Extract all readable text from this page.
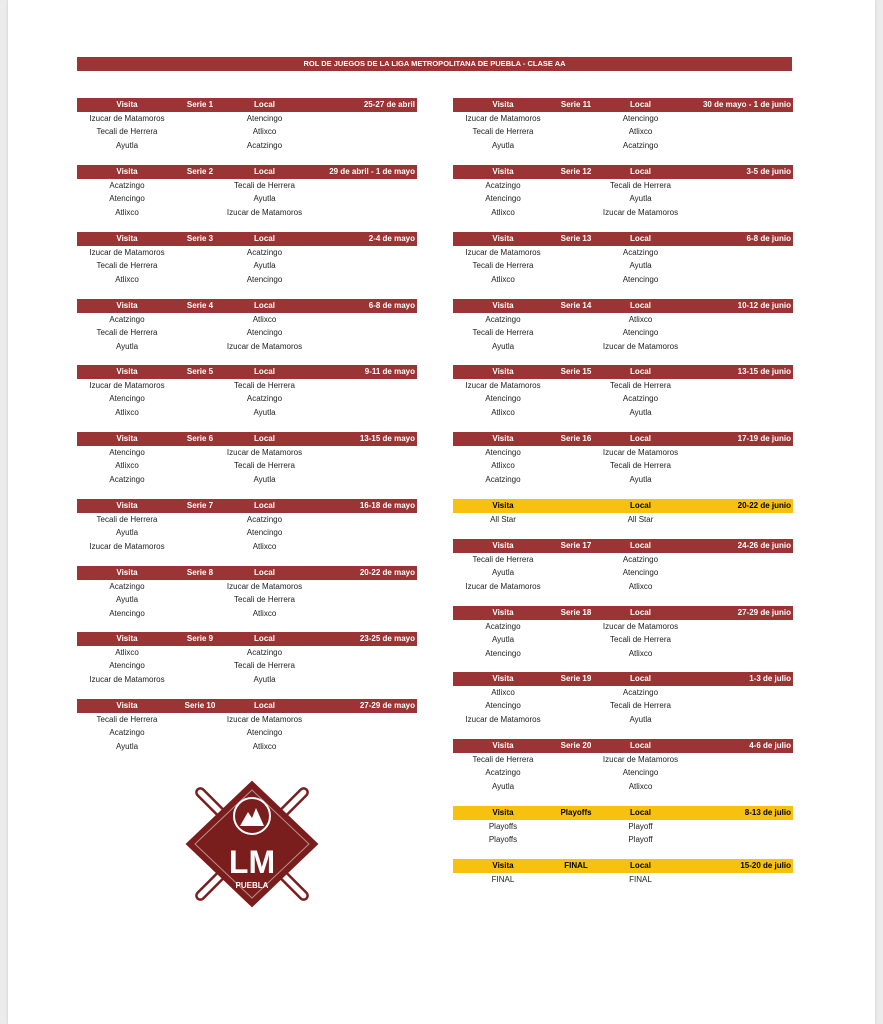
ROL DE JUEGOS DE LA LIGA METROPOLITANA DE PUEBLA - CLASE AA
Visita	Serie 1	Local	25-27 de abril
Izucar de Matamoros	Atencingo
Tecali de Herrera	Atlixco
Ayutla	Acatzingo
Visita	Serie 2	Local	29 de abril - 1 de mayo
Acatzingo	Tecali de Herrera
Atencingo	Ayutla
Atlixco	Izucar de Matamoros
Visita	Serie 3	Local	2-4 de mayo
Izucar de Matamoros	Acatzingo
Tecali de Herrera	Ayutla
Atlixco	Atencingo
Visita	Serie 4	Local	6-8 de mayo
Acatzingo	Atlixco
Tecali de Herrera	Atencingo
Ayutla	Izucar de Matamoros
Visita	Serie 5	Local	9-11 de mayo
Izucar de Matamoros	Tecali de Herrera
Atencingo	Acatzingo
Atlixco	Ayutla
Visita	Serie 6	Local	13-15 de mayo
Atencingo	Izucar de Matamoros
Atlixco	Tecali de Herrera
Acatzingo	Ayutla
Visita	Serie 7	Local	16-18 de mayo
Tecali de Herrera	Acatzingo
Ayutla	Atencingo
Izucar de Matamoros	Atlixco
Visita	Serie 8	Local	20-22 de mayo
Acatzingo	Izucar de Matamoros
Ayutla	Tecali de Herrera
Atencingo	Atlixco
Visita	Serie 9	Local	23-25 de mayo
Atlixco	Acatzingo
Atencingo	Tecali de Herrera
Izucar de Matamoros	Ayutla
Visita	Serie 10	Local	27-29 de mayo
Tecali de Herrera	Izucar de Matamoros
Acatzingo	Atencingo
Ayutla	Atlixco
Visita	Serie 11	Local	30 de mayo - 1 de junio
Izucar de Matamoros	Atencingo
Tecali de Herrera	Atlixco
Ayutla	Acatzingo
Visita	Serie 12	Local	3-5 de junio
Acatzingo	Tecali de Herrera
Atencingo	Ayutla
Atlixco	Izucar de Matamoros
Visita	Serie 13	Local	6-8 de junio
Izucar de Matamoros	Acatzingo
Tecali de Herrera	Ayutla
Atlixco	Atencingo
Visita	Serie 14	Local	10-12 de junio
Acatzingo	Atlixco
Tecali de Herrera	Atencingo
Ayutla	Izucar de Matamoros
Visita	Serie 15	Local	13-15 de junio
Izucar de Matamoros	Tecali de Herrera
Atencingo	Acatzingo
Atlixco	Ayutla
Visita	Serie 16	Local	17-19 de junio
Atencingo	Izucar de Matamoros
Atlixco	Tecali de Herrera
Acatzingo	Ayutla
Visita	Local	20-22 de junio
All Star	All Star
Visita	Serie 17	Local	24-26 de junio
Tecali de Herrera	Acatzingo
Ayutla	Atencingo
Izucar de Matamoros	Atlixco
Visita	Serie 18	Local	27-29 de junio
Acatzingo	Izucar de Matamoros
Ayutla	Tecali de Herrera
Atencingo	Atlixco
Visita	Serie 19	Local	1-3 de julio
Atlixco	Acatzingo
Atencingo	Tecali de Herrera
Izucar de Matamoros	Ayutla
Visita	Serie 20	Local	4-6 de julio
Tecali de Herrera	Izucar de Matamoros
Acatzingo	Atencingo
Ayutla	Atlixco
Visita	Playoffs	Local	8-13 de julio
Playoffs	Playoff
Playoffs	Playoff
Visita	FINAL	Local	15-20 de julio
FINAL	FINAL
LM
PUEBLA
